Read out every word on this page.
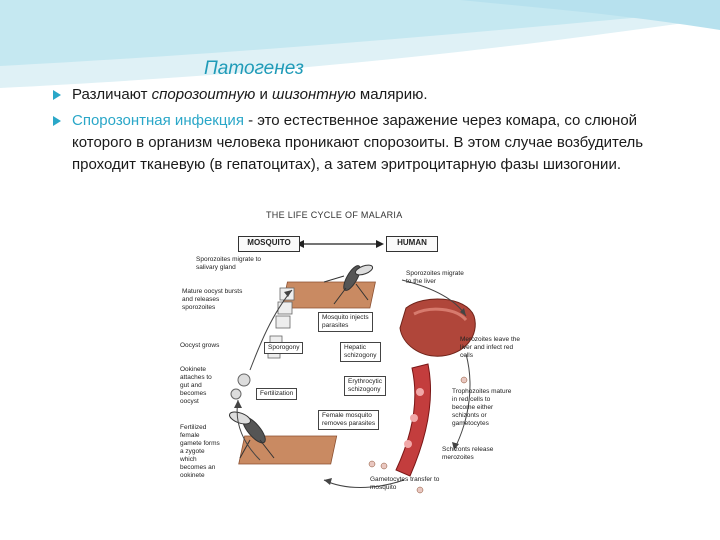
Патогенез
Различают спорозоитную и шизонтную малярию.
Спорозонтная инфекция - это естественное заражение через комара, со слюной которого в организм человека проникают спорозоиты. В этом случае возбудитель проходит тканевую (в гепатоцитах), а затем эритроцитарную фазы шизогонии.
THE LIFE CYCLE OF MALARIA
MOSQUITO	HUMAN
Sporozoites migrate to
salivary gland
Mature oocyst bursts
and releases
sporozoites
Oocyst grows
Ookinete
attaches to
gut and
becomes
oocyst
Fertilized
female
gamete forms
a zygote
which
becomes an
ookinete
Sporozoites migrate
to the liver
Merozoites leave the
liver and infect red
cells
Trophozoites mature
in red cells to
become either
schizonts or
gametocytes
Schizonts release
merozoites
Gametocytes transfer to
mosquito
Mosquito injects
parasites
Sporogony	Hepatic
schizogony
Erythrocytic
schizogony
Fertilization
Female mosquito
removes parasites
